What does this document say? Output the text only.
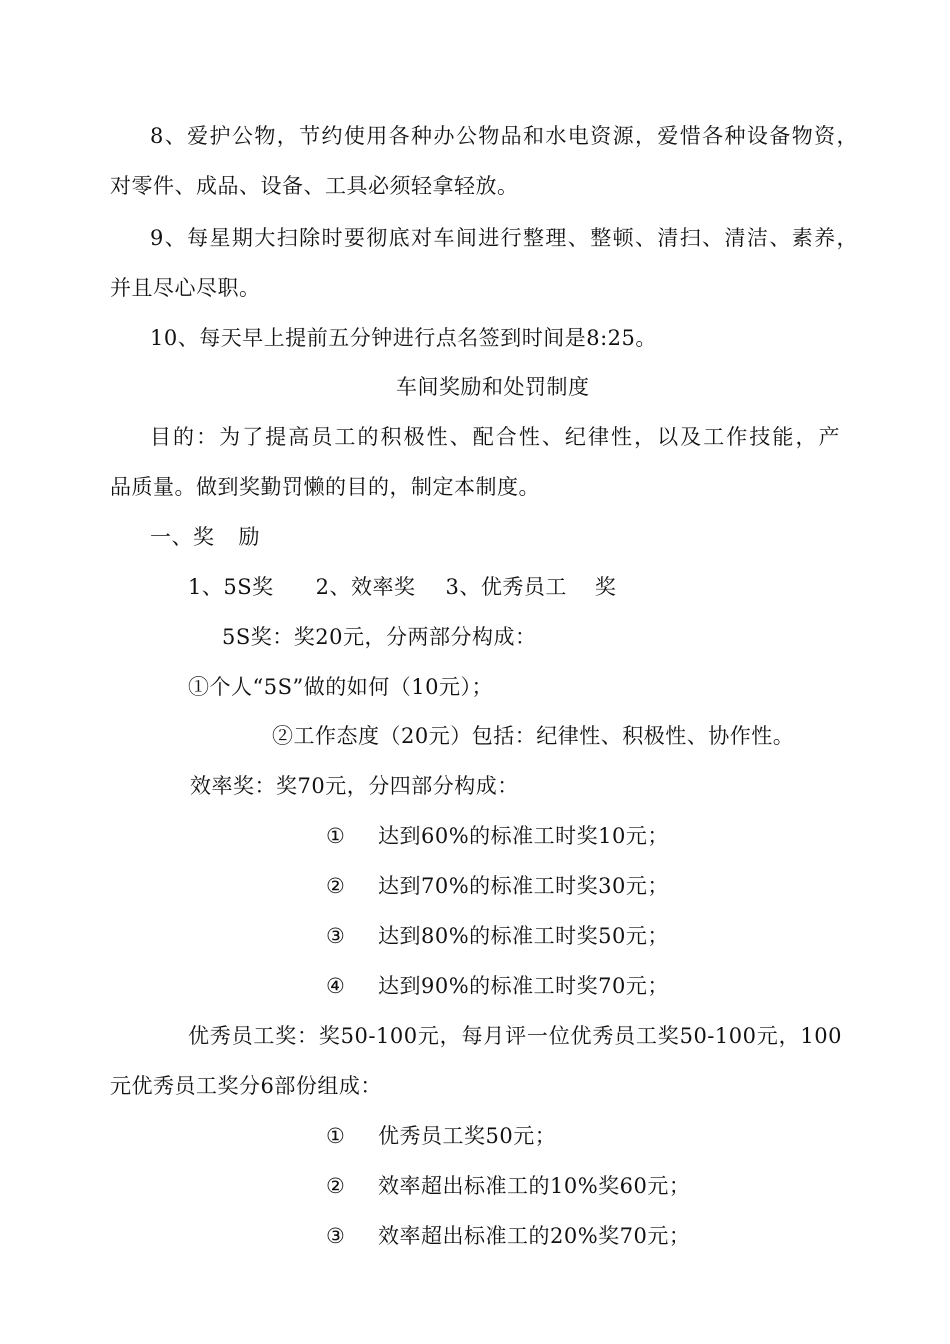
8、爱护公物，节约使用各种办公物品和水电资源，爱惜各种设备物资，
对零件、成品、设备、工具必须轻拿轻放。
9、每星期大扫除时要彻底对车间进行整理、整顿、清扫、清洁、素养，
并且尽心尽职。
10、每天早上提前五分钟进行点名签到时间是8:25。
车间奖励和处罚制度
目的：为了提高员工的积极性、配合性、纪律性，以及工作技能，产
品质量。做到奖勤罚懒的目的，制定本制度。
一、奖 励
1、5S奖 2、效率奖 3、优秀员工 奖
5S奖：奖20元，分两部分构成：
①个人“5S”做的如何（10元）；
②工作态度（20元）包括：纪律性、积极性、协作性。
效率奖：奖70元，分四部分构成：
① 达到60%的标准工时奖10元；
② 达到70%的标准工时奖30元；
③ 达到80%的标准工时奖50元；
④ 达到90%的标准工时奖70元；
优秀员工奖：奖50-100元，每月评一位优秀员工奖50-100元，100
元优秀员工奖分6部份组成：
① 优秀员工奖50元；
② 效率超出标准工的10%奖60元；
③ 效率超出标准工的20%奖70元；
